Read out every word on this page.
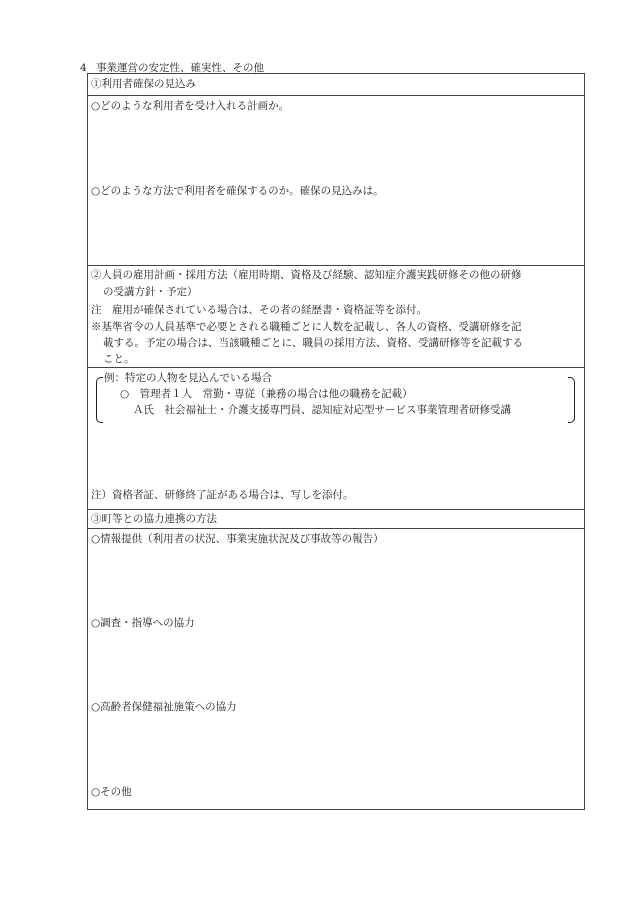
4 事業運営の安定性、確実性、その他
①利用者確保の見込み
○どのような利用者を受け入れる計画か。
○どのような方法で利用者を確保するのか。確保の見込みは。
②人員の雇用計画・採用方法（雇用時期、資格及び経験、認知症介護実践研修その他の研修
の受講方針・予定）
注　雇用が確保されている場合は、その者の経歴書・資格証等を添付。
※基準省令の人員基準で必要とされる職種ごとに人数を記載し、各人の資格、受講研修を記
載する。予定の場合は、当該職種ごとに、職員の採用方法、資格、受講研修等を記載する
こと。
例：特定の人物を見込んでいる場合
○　管理者１人　常勤・専従（兼務の場合は他の職務を記載）
Ａ氏　社会福祉士・介護支援専門員、認知症対応型サービス事業管理者研修受講
注）資格者証、研修終了証がある場合は、写しを添付。
③町等との協力連携の方法
○情報提供（利用者の状況、事業実施状況及び事故等の報告）
○調査・指導への協力
○高齢者保健福祉施策への協力
○その他
